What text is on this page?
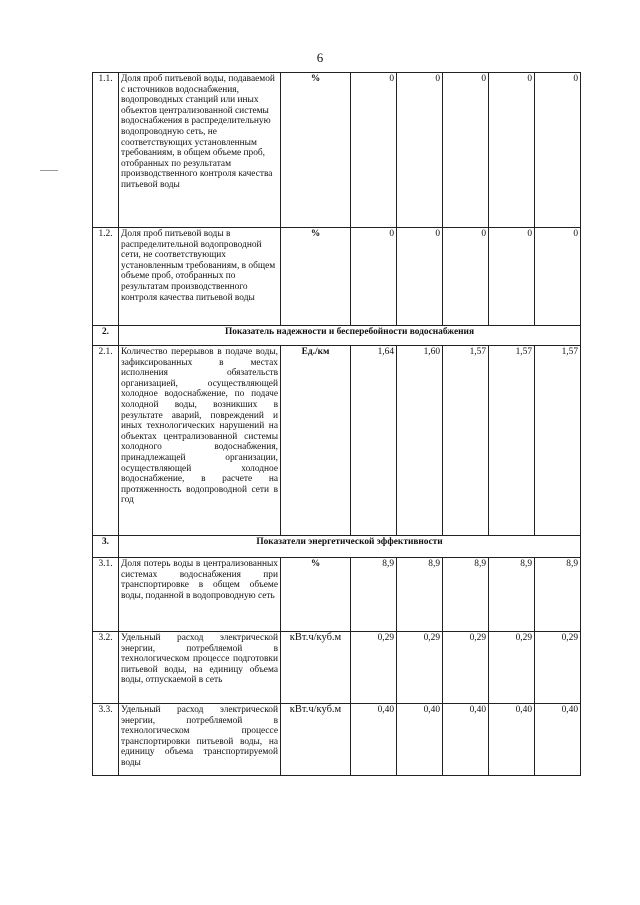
6
1.1.	Доля проб питьевой воды, подаваемой с источников водоснабжения, водопроводных станций или иных объектов централизованной системы водоснабжения в распределительную водопроводную сеть, не соответствующих установленным требованиям, в общем объеме проб, отобранных по результатам производственного контроля качества питьевой воды	%	0	0	0	0	0
1.2.	Доля проб питьевой воды в распределительной водопроводной сети, не соответствующих установленным требованиям, в общем объеме проб, отобранных по результатам производственного контроля качества питьевой воды	%	0	0	0	0	0
2.	Показатель надежности и бесперебойности водоснабжения						
2.1.	Количество перерывов в подаче воды, зафиксированных в местах исполнения обязательств организацией, осуществляющей холодное водоснабжение, по подаче холодной воды, возникших в результате аварий, повреждений и иных технологических нарушений на объектах централизованной системы холодного водоснабжения, принадлежащей организации, осуществляющей холодное водоснабжение, в расчете на протяженность водопроводной сети в год	Ед./км	1,64	1,60	1,57	1,57	1,57
3.	Показатели энергетической эффективности						
3.1.	Доля потерь воды в централизованных системах водоснабжения при транспортировке в общем объеме воды, поданной в водопроводную сеть	%	8,9	8,9	8,9	8,9	8,9
3.2.	Удельный расход электрической энергии, потребляемой в технологическом процессе подготовки питьевой воды, на единицу объема воды, отпускаемой в сеть	кВт.ч/куб.м	0,29	0,29	0,29	0,29	0,29
3.3.	Удельный расход электрической энергии, потребляемой в технологическом процессе транспортировки питьевой воды, на единицу объема транспортируемой воды	кВт.ч/куб.м	0,40	0,40	0,40	0,40	0,40
